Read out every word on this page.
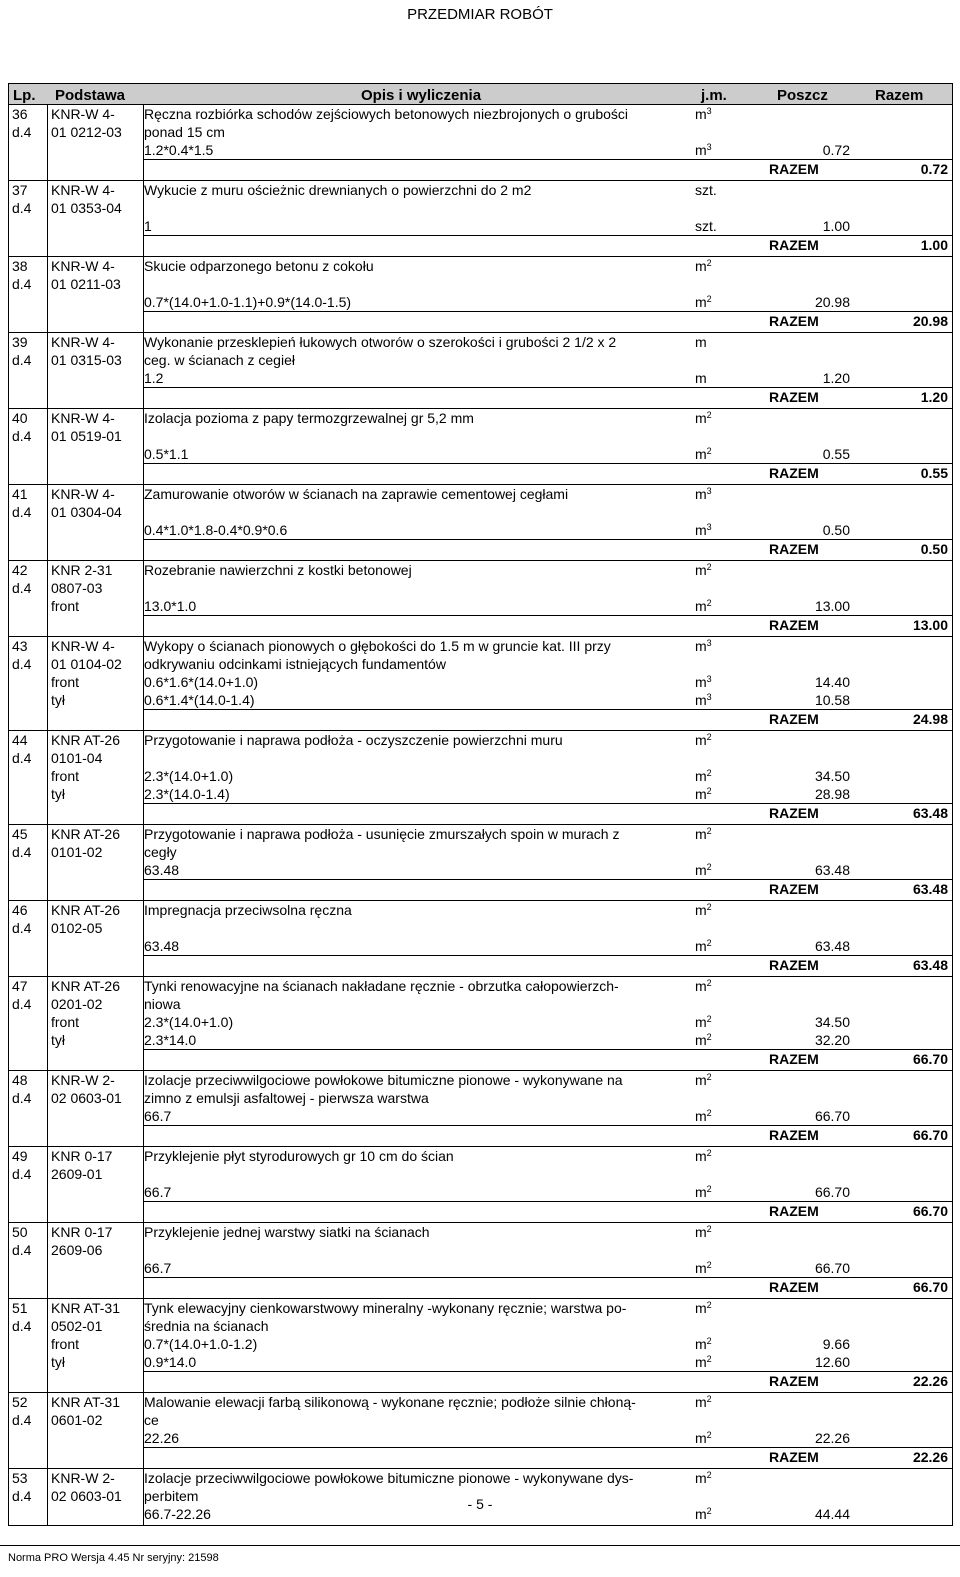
PRZEDMIAR ROBÓT
Lp. Podstawa	Opis i wyliczenia	j.m.	Poszcz	Razem
36	KNR-W 4-	Ręczna rozbiórka schodów zejściowych betonowych niezbrojonych o grubości	$m^3$
d.4	01 0212-03	ponad 15 cm
1.2*0.4*1.5	$m^3$	0.72
RAZEM	0.72
37	KNR-W 4-	Wykucie z muru ościeżnic drewnianych o powierzchni do 2 m2	szt.
d.4	01 0353-04
1	szt.	1.00
RAZEM	1.00
38	KNR-W 4-	Skucie odparzonego betonu z cokołu	$m^2$
d.4	01 0211-03
0.7*(14.0+1.0-1.1)+0.9*(14.0-1.5)	$m^2$	20.98
RAZEM	20.98
39	KNR-W 4-	Wykonanie przesklepień łukowych otworów o szerokości i grubości 2 1/2 x 2	m
d.4	01 0315-03	ceg. w ścianach z cegieł
1.2	m	1.20
RAZEM	1.20
40	KNR-W 4-	Izolacja pozioma z papy termozgrzewalnej gr 5,2 mm	$m^2$
d.4	01 0519-01
0.5*1.1	$m^2$	0.55
RAZEM	0.55
41	KNR-W 4-	Zamurowanie otworów w ścianach na zaprawie cementowej cegłami	$m^3$
d.4	01 0304-04
0.4*1.0*1.8-0.4*0.9*0.6	$m^3$	0.50
RAZEM	0.50
42	KNR 2-31	Rozebranie nawierzchni z kostki betonowej	$m^2$
d.4	0807-03
front	13.0*1.0	$m^2$	13.00
RAZEM	13.00
43	KNR-W 4-	Wykopy o ścianach pionowych o głębokości do 1.5 m w gruncie kat. III przy	$m^3$
d.4	01 0104-02	odkrywaniu odcinkami istniejących fundamentów
front	0.6*1.6*(14.0+1.0)	$m^3$	14.40
tył	0.6*1.4*(14.0-1.4)	$m^3$	10.58
RAZEM	24.98
44	KNR AT-26	Przygotowanie i naprawa podłoża - oczyszczenie powierzchni muru	$m^2$
d.4	0101-04
front	2.3*(14.0+1.0)	$m^2$	34.50
tył	2.3*(14.0-1.4)	$m^2$	28.98
RAZEM	63.48
45	KNR AT-26	Przygotowanie i naprawa podłoża - usunięcie zmurszałych spoin w murach z	$m^2$
d.4	0101-02	cegły
63.48	$m^2$	63.48
RAZEM	63.48
46	KNR AT-26	Impregnacja przeciwsolna ręczna	$m^2$
d.4	0102-05
63.48	$m^2$	63.48
RAZEM	63.48
47	KNR AT-26	Tynki renowacyjne na ścianach nakładane ręcznie - obrzutka całopowierzch-	$m^2$
d.4	0201-02	niowa
front	2.3*(14.0+1.0)	$m^2$	34.50
tył	2.3*14.0	$m^2$	32.20
RAZEM	66.70
48	KNR-W 2-	Izolacje przeciwwilgociowe powłokowe bitumiczne pionowe - wykonywane na	$m^2$
d.4	02 0603-01	zimno z emulsji asfaltowej - pierwsza warstwa
66.7	$m^2$	66.70
RAZEM	66.70
49	KNR 0-17	Przyklejenie płyt styrodurowych gr 10 cm do ścian	$m^2$
d.4	2609-01
66.7	$m^2$	66.70
RAZEM	66.70
50	KNR 0-17	Przyklejenie jednej warstwy siatki na ścianach	$m^2$
d.4	2609-06
66.7	$m^2$	66.70
RAZEM	66.70
51	KNR AT-31	Tynk elewacyjny cienkowarstwowy mineralny -wykonany ręcznie; warstwa po-	$m^2$
d.4	0502-01	średnia na ścianach
front	0.7*(14.0+1.0-1.2)	$m^2$	9.66
tył	0.9*14.0	$m^2$	12.60
RAZEM	22.26
52	KNR AT-31	Malowanie elewacji farbą silikonową - wykonane ręcznie; podłoże silnie chłoną-	$m^2$
d.4	0601-02	ce
22.26	$m^2$	22.26
RAZEM	22.26
53	KNR-W 2-	Izolacje przeciwwilgociowe powłokowe bitumiczne pionowe - wykonywane dys-	$m^2$
d.4	02 0603-01	perbitem
66.7-22.26	$m^2$	44.44
- 5 -
Norma PRO Wersja 4.45 Nr seryjny: 21598
